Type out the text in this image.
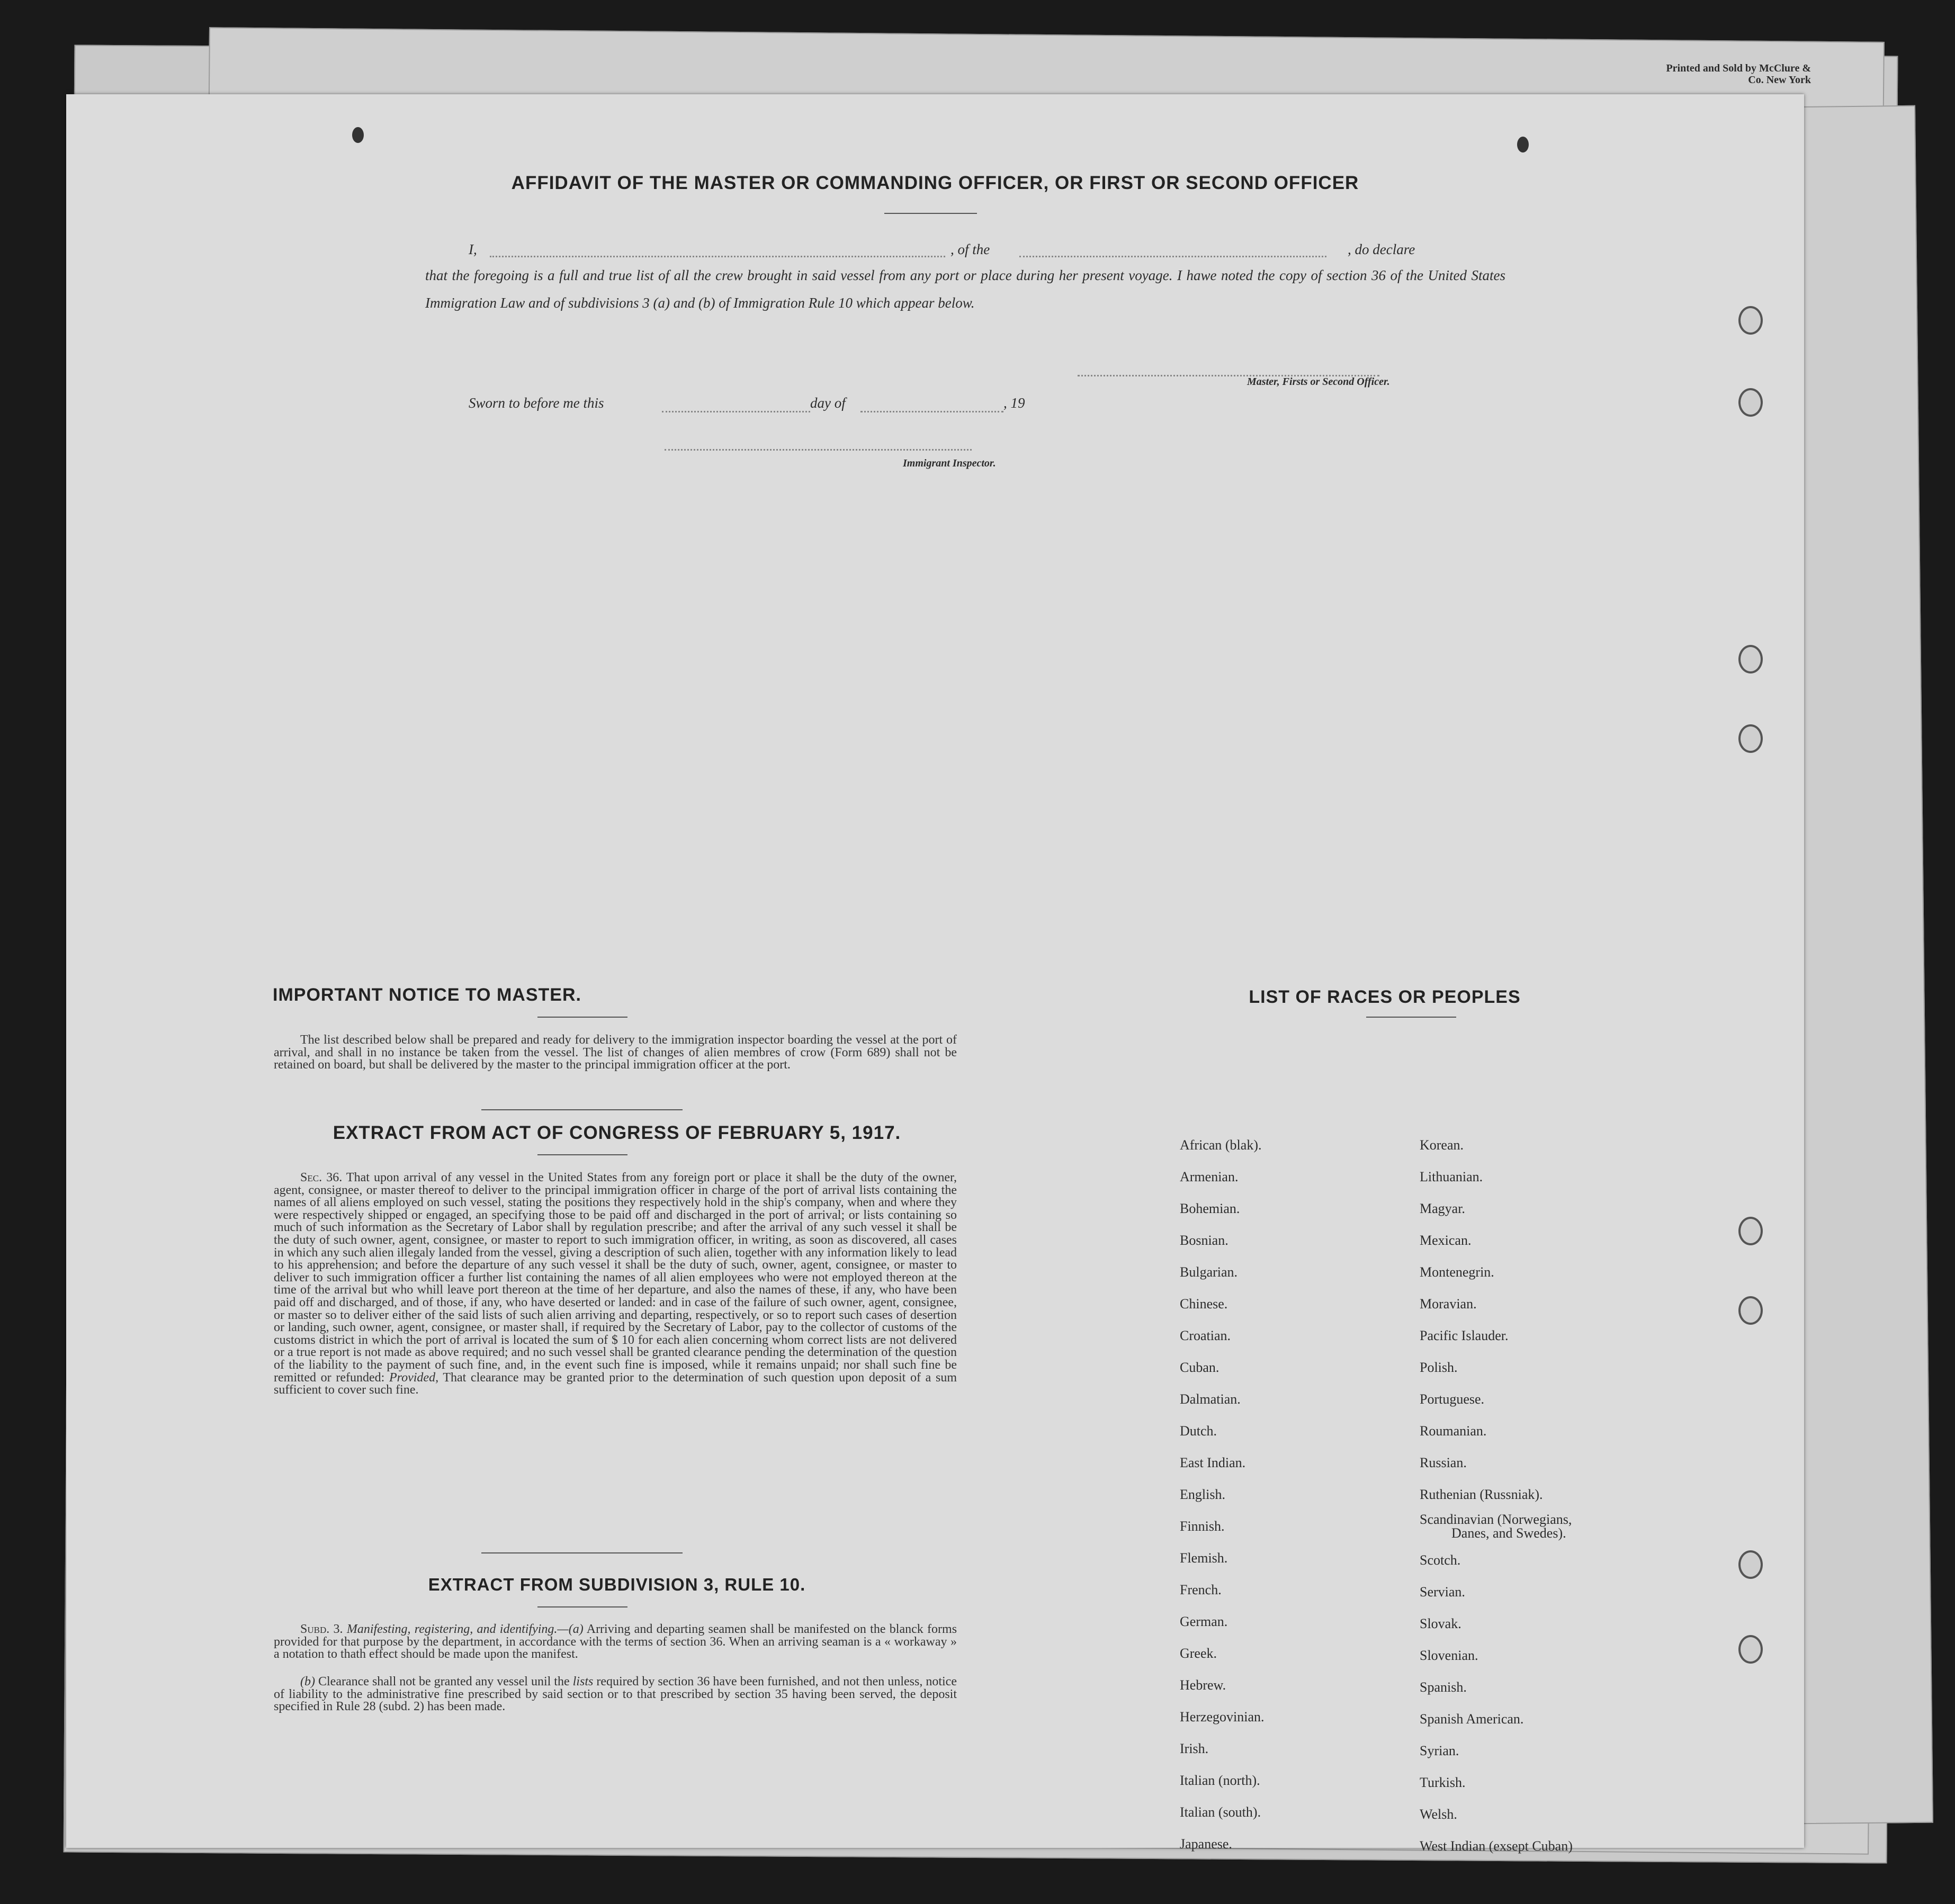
Printed and Sold by McClure & Co. New York
AFFIDAVIT OF THE MASTER OR COMMANDING OFFICER, OR FIRST OR SECOND OFFICER
I,	, of the	, do declare
that the foregoing is a full and true list of all the crew brought in said vessel from any port or place during her present voyage. I hawe noted the copy of section 36 of the United States Immigration Law and of subdivisions 3 (a) and (b) of Immigration Rule 10 which appear below.
Master, Firsts or Second Officer.
Sworn to before me this	day of	, 19
Immigrant Inspector.
IMPORTANT NOTICE TO MASTER.
The list described below shall be prepared and ready for delivery to the immigration inspector boarding the vessel at the port of arrival, and shall in no instance be taken from the vessel. The list of changes of alien membres of crow (Form 689) shall not be retained on board, but shall be delivered by the master to the principal immigration officer at the port.
EXTRACT FROM ACT OF CONGRESS OF FEBRUARY 5, 1917.
Sec. 36. That upon arrival of any vessel in the United States from any foreign port or place it shall be the duty of the owner, agent, consignee, or master thereof to deliver to the principal immigration officer in charge of the port of arrival lists containing the names of all aliens employed on such vessel, stating the positions they respectively hold in the ship's company, when and where they were respectively shipped or engaged, an specifying those to be paid off and discharged in the port of arrival; or lists containing so much of such information as the Secretary of Labor shall by regulation prescribe; and after the arrival of any such vessel it shall be the duty of such owner, agent, consignee, or master to report to such immigration officer, in writing, as soon as discovered, all cases in which any such alien illegaly landed from the vessel, giving a description of such alien, together with any information likely to lead to his apprehension; and before the departure of any such vessel it shall be the duty of such, owner, agent, consignee, or master to deliver to such immigration officer a further list containing the names of all alien employees who were not employed thereon at the time of the arrival but who whill leave port thereon at the time of her departure, and also the names of these, if any, who have been paid off and discharged, and of those, if any, who have deserted or landed: and in case of the failure of such owner, agent, consignee, or master so to deliver either of the said lists of such alien arriving and departing, respectively, or so to report such cases of desertion or landing, such owner, agent, consignee, or master shall, if required by the Secretary of Labor, pay to the collector of customs of the customs district in which the port of arrival is located the sum of $ 10 for each alien concerning whom correct lists are not delivered or a true report is not made as above required; and no such vessel shall be granted clearance pending the determination of the question of the liability to the payment of such fine, and, in the event such fine is imposed, while it remains unpaid; nor shall such fine be remitted or refunded: Provided, That clearance may be granted prior to the determination of such question upon deposit of a sum sufficient to cover such fine.
EXTRACT FROM SUBDIVISION 3, RULE 10.
Subd. 3. Manifesting, registering, and identifying.—(a) Arriving and departing seamen shall be manifested on the blanck forms provided for that purpose by the department, in accordance with the terms of section 36. When an arriving seaman is a « workaway » a notation to thath effect should be made upon the manifest.
(b) Clearance shall not be granted any vessel unil the lists required by section 36 have been furnished, and not then unless, notice of liability to the administrative fine prescribed by said section or to that prescribed by section 35 having been served, the deposit specified in Rule 28 (subd. 2) has been made.
LIST OF RACES OR PEOPLES
African (blak).
Armenian.
Bohemian.
Bosnian.
Bulgarian.
Chinese.
Croatian.
Cuban.
Dalmatian.
Dutch.
East Indian.
English.
Finnish.
Flemish.
French.
German.
Greek.
Hebrew.
Herzegovinian.
Irish.
Italian (north).
Italian (south).
Japanese.
Korean.
Lithuanian.
Magyar.
Mexican.
Montenegrin.
Moravian.
Pacific Islauder.
Polish.
Portuguese.
Roumanian.
Russian.
Ruthenian (Russniak).
Scandinavian (Norwegians,
Danes, and Swedes).
Scotch.
Servian.
Slovak.
Slovenian.
Spanish.
Spanish American.
Syrian.
Turkish.
Welsh.
West Indian (exsept Cuban)
